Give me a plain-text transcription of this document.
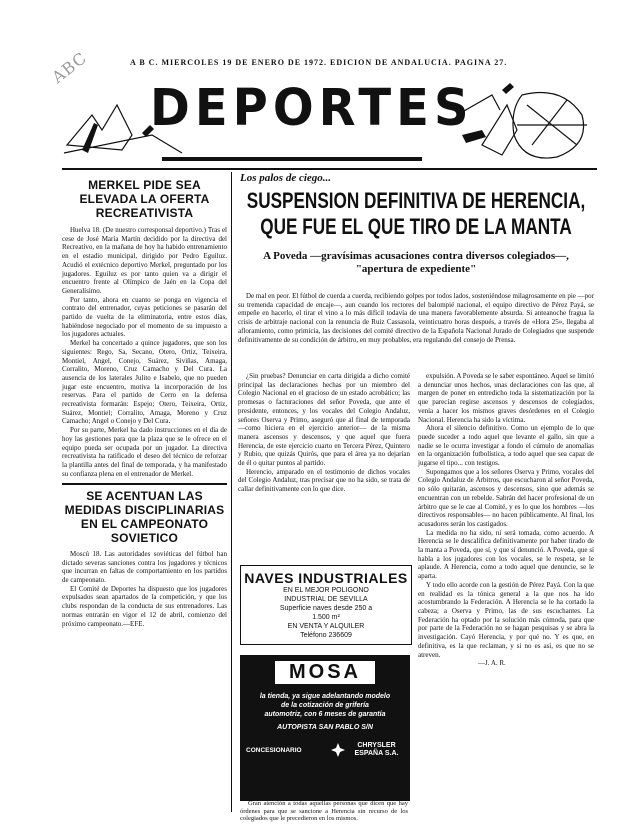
ABC	A B C. MIERCOLES 19 DE ENERO DE 1972. EDICION DE ANDALUCIA. PAGINA 27.
DEPORTES
MERKEL PIDE SEA ELEVADA LA OFERTA RECREATIVISTA

Huelva 18. (De nuestro corresponsal deportivo.) Tras el cese de José María Martín decidido por la directiva del Recreativo, en la mañana de hoy ha habido entrenamiento en el estadio municipal, dirigido por Pedro Eguiluz. Acudió el extécnico deportivo Merkel, preguntado por los jugadores. Eguiluz es por tanto quien va a dirigir el encuentro frente al Olímpico de Jaén en la Copa del Generalísimo.

Por tanto, ahora en cuanto se ponga en vigencia el contrato del entrenador, cuyas peticiones se pasarán del partido de vuelta de la eliminatoria, entre estos días, habiéndose negociado por el momento de su impuesto a los jugadores actuales.

Merkel ha concertado a quince jugadores, que son los siguientes: Rego, Sa, Secano, Otero, Ortiz, Teixeira, Montiel, Angel, Conejo, Suárez, Siviñas, Amaga, Corralito, Moreno, Cruz Camacho y Del Cura. La ausencia de los laterales Julito e Isabelo, que no pueden jugar este encuentro, motiva la incorporación de los reservas. Para el partido de Cerro en la defensa recreativista formarán: Espejo; Otero, Teixeira, Ortiz, Suárez, Montiel; Corralito, Amaga, Moreno y Cruz Camacho; Angel o Conejo y Del Cura.

Por su parte, Merkel ha dado instrucciones en el día de hoy las gestiones para que la plaza que se le ofrece en el equipo pueda ser ocupada por un jugador. La directiva recreativista ha ratificado el deseo del técnico de reforzar la plantilla antes del final de temporada, y ha manifestado su confianza plena en el entrenador de Merkel.

SE ACENTUAN LAS MEDIDAS DISCIPLINARIAS EN EL CAMPEONATO SOVIETICO

Moscú 18. Las autoridades soviéticas del fútbol han dictado severas sanciones contra los jugadores y técnicos que incurran en faltas de comportamiento en los partidos de campeonato.

El Comité de Deportes ha dispuesto que los jugadores expulsados sean apartados de la competición, y que los clubs respondan de la conducta de sus entrenadores. Las normas entrarán en vigor el 12 de abril, comienzo del próximo campeonato.—EFE.

Los palos de ciego...
SUSPENSION DEFINITIVA DE HERENCIA,
QUE FUE EL QUE TIRO DE LA MANTA
A Poveda —gravísimas acusaciones contra diversos colegiados—, "apertura de expediente"

De mal en peor. El fútbol de cuerda a cuerda, recibiendo golpes por todos lados, sosteniéndose milagrosamente en pie —por su tremenda capacidad de encaje—, aun cuando los rectores del balompié nacional, el equipo directivo de Pérez Payá, se empeñe en hacerlo, el tirar el vino a lo más difícil todavía de una manera favorablemente absurda. Si anteanoche fragua la crisis de arbitraje nacional con la renuncia de Ruiz Cassasola, veinticuatro horas después, a través de «Hora 25», llegaba al afloramiento, como primicia, las decisiones del comité directivo de la Española Nacional Jurado de Colegiados que suspende definitivamente de su condición de árbitro, en muy probables, era regulando del consejo de Prensa.

¿Sin pruebas? Denunciar en carta dirigida a dicho comité principal las declaraciones hechas por un miembro del Colegio Nacional en el gracioso de un estado acrobático; las promesas o facturaciones del señor Poveda, que ante el presidente, entonces, y los vocales del Colegio Andaluz, señores Oserva y Primo, aseguró que al final de temporada —como hiciera en el ejercicio anterior— de la misma manera ascensos y descensos, y que aquel que fuera Herencia, de este ejercicio cuarto en Tercera Pérez, Quintero y Rubio, que quizás Quirós, que para el área ya no dejarían de él o quitar puntos al partido.

Herencio, amparado en el testimonio de dichos vocales del Colegio Andaluz, tras precisar que no ha sido, se trata de callar definitivamente con lo que dice.

expulsión. A Poveda se le saber espontáneo. Aquel se limitó a denunciar unos hechos, unas declaraciones con las que, al margen de poner en entredicho toda la sistematización por la que parecían regirse ascensos y descensos de colegiados, venía a hacer los mismos graves desórdenes en el Colegio Nacional. Herencia ha sido la víctima.

Ahora el silencio definitivo. Como un ejemplo de lo que puede suceder a todo aquel que levante el gallo, sin que a nadie se le ocurra investigar a fondo el cúmulo de anomalías en la organización futbolística, a todo aquel que sea capaz de jugarse el tipo... con testigos.

Supongamos que a los señores Oserva y Primo, vocales del Colegio Andaluz de Árbitros, que escucharon al señor Poveda, no sólo quitarán, ascensos y descensos, sino que además se encuentran con un rebelde. Sabrán del hacer profesional de un árbitro que se le cae al Comité, y es lo que los hombres —los directivos responsables— no hacen públicamente. Al final, los acusadores serán los castigados.

La medida no ha sido, ni será tomada, como acuerdo. A Herencia se le descalifica definitivamente por haber tirado de la manta a Poveda, que sí, y que sí denunció. A Poveda, que sí habla a los jugadores con los vocales, se le respeta, se le aplaude. A Herencia, como a todo aquel que denuncie, se le aparta.

Y todo ello acorde con la gestión de Pérez Payá. Con la que en realidad es la tónica general a la que nos ha ido acostumbrando la Federación. A Herencia se le ha cortado la cabeza; a Oserva y Primo, las de sus escuchantes. La Federación ha optado por la solución más cómoda, para que por parte de la Federación no se hagan pesquisas y se abra la investigación. Cayó Herencia, y por qué no. Y es que, en definitiva, es la que reclaman, y si no es así, es que no se atreven.

—J. A. R.

NAVES INDUSTRIALES
EN EL MEJOR POLIGONO
INDUSTRIAL DE SEVILLA
Superficie naves desde 250 a
1.500 m²
EN VENTA Y ALQUILER
Teléfono 236609
MOSA
la tienda, ya sigue adelantando modelo
de la cotización de grifería
automotriz, con 6 meses de garantía
AUTOPISTA SAN PABLO S/N
CONCESIONARIO
CHRYSLER ESPAÑA S.A.

Gran atención a todas aquellas personas que dicen que hay órdenes para que se sancione a Herencia sin recurso de los colegiados que le precedieron en los mismos.
